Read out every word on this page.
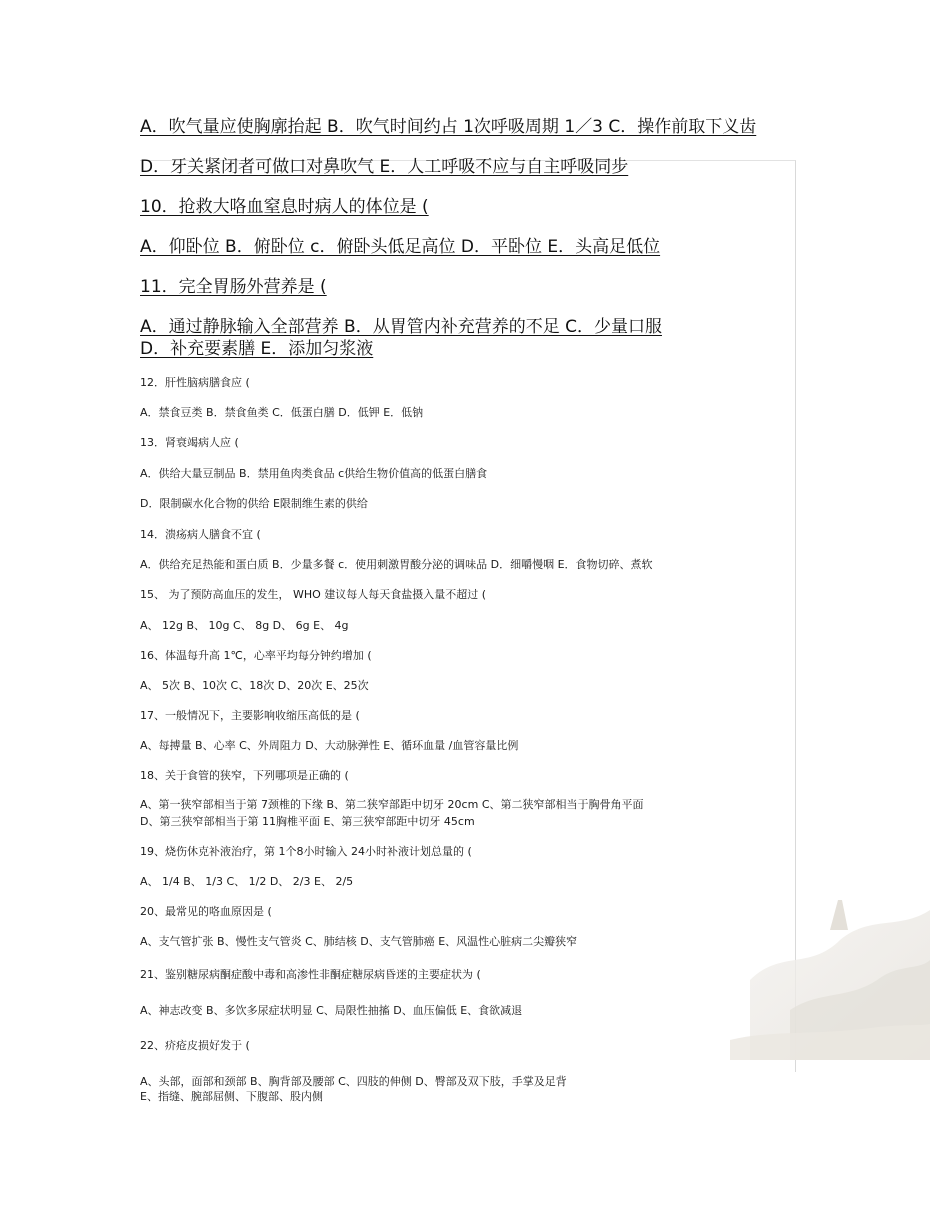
A．吹气量应使胸廓抬起 B．吹气时间约占 1次呼吸周期 1／3 C．操作前取下义齿
D．牙关紧闭者可做口对鼻吹气 E．人工呼吸不应与自主呼吸同步
10．抢救大咯血窒息时病人的体位是 (
A．仰卧位 B．俯卧位 c．俯卧头低足高位 D．平卧位 E．头高足低位
11．完全胃肠外营养是 (
A．通过静脉输入全部营养 B．从胃管内补充营养的不足 C．少量口服
D．补充要素膳 E．添加匀浆液
12．肝性脑病膳食应 (
A．禁食豆类 B．禁食鱼类 C．低蛋白膳 D．低钾 E．低钠
13．肾衰竭病人应 (
A．供给大量豆制品 B．禁用鱼肉类食品 c供给生物价值高的低蛋白膳食
D．限制碳水化合物的供给 E限制维生素的供给
14．溃疡病人膳食不宜 (
A．供给充足热能和蛋白质 B．少量多餐 c．使用刺激胃酸分泌的调味品 D．细嚼慢咽 E．食物切碎、煮软
15、 为了预防高血压的发生， WHO 建议每人每天食盐摄入量不超过 (
A、 12g B、 10g C、 8g D、 6g E、 4g
16、体温每升高 1℃，心率平均每分钟约增加 (
A、 5次 B、10次 C、18次 D、20次 E、25次
17、一般情况下，主要影响收缩压高低的是 (
A、每搏量 B、心率 C、外周阻力 D、大动脉弹性 E、循环血量 /血管容量比例
18、关于食管的狭窄，下列哪项是正确的 (
A、第一狭窄部相当于第 7颈椎的下缘 B、第二狭窄部距中切牙 20cm C、第二狭窄部相当于胸骨角平面
D、第三狭窄部相当于第 11胸椎平面 E、第三狭窄部距中切牙 45cm
19、烧伤休克补液治疗，第 1个8小时输入 24小时补液计划总量的 (
A、 1/4 B、 1/3 C、 1/2 D、 2/3 E、 2/5
20、最常见的咯血原因是 (
A、支气管扩张 B、慢性支气管炎 C、肺结核 D、支气管肺癌 E、风温性心脏病二尖瓣狭窄
21、鉴别糖尿病酮症酸中毒和高渗性非酮症糖尿病昏迷的主要症状为 (
A、神志改变 B、多饮多尿症状明显 C、局限性抽搐 D、血压偏低 E、食欲减退
22、疥疮皮损好发于 (
A、头部，面部和颈部 B、胸背部及腰部 C、四肢的伸侧 D、臀部及双下肢，手掌及足背
E、指缝、腕部屈侧、下腹部、股内侧
